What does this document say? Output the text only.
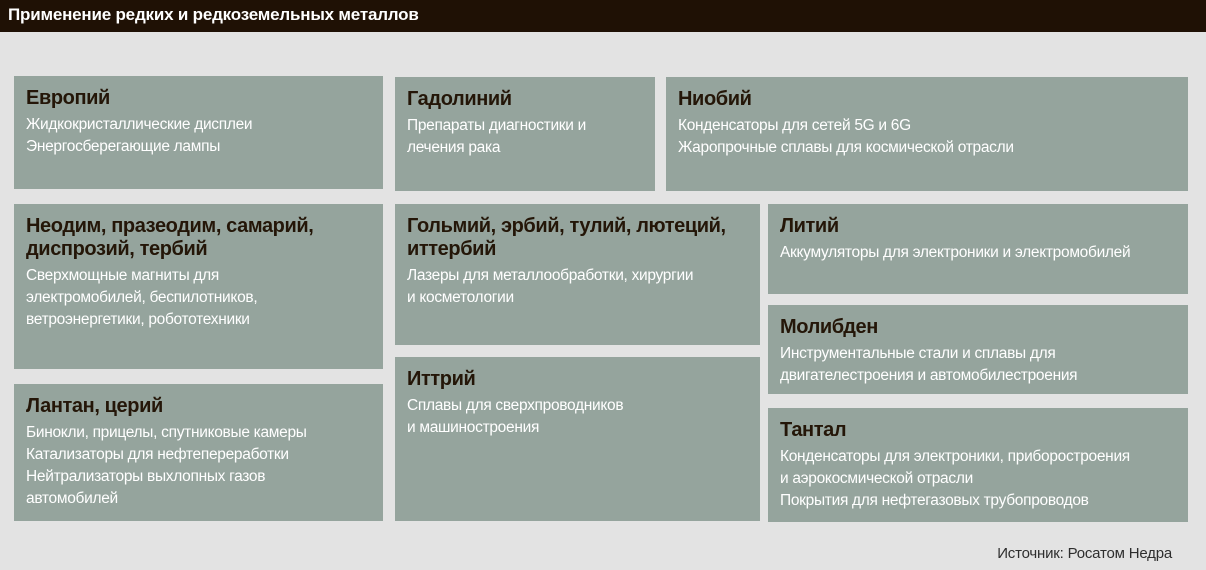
Применение редких и редкоземельных металлов
Европий
Жидкокристаллические дисплеи
Энергосберегающие лампы
Гадолиний
Препараты диагностики и
лечения рака
Ниобий
Конденсаторы для сетей 5G и 6G
Жаропрочные сплавы для космической отрасли
Неодим, празеодим, самарий, диспрозий, тербий
Сверхмощные магниты для
электромобилей, беспилотников,
ветроэнергетики, робототехники
Гольмий, эрбий, тулий, лютеций, иттербий
Лазеры для металлообработки, хирургии
и косметологии
Литий
Аккумуляторы для электроники и электромобилей
Молибден
Инструментальные стали и сплавы для
двигателестроения и автомобилестроения
Иттрий
Сплавы для сверхпроводников
и машиностроения
Лантан, церий
Бинокли, прицелы, спутниковые камеры
Катализаторы для нефтепереработки
Нейтрализаторы выхлопных газов
автомобилей
Тантал
Конденсаторы для электроники, приборостроения
и аэрокосмической отрасли
Покрытия для нефтегазовых трубопроводов
Источник: Росатом Недра
